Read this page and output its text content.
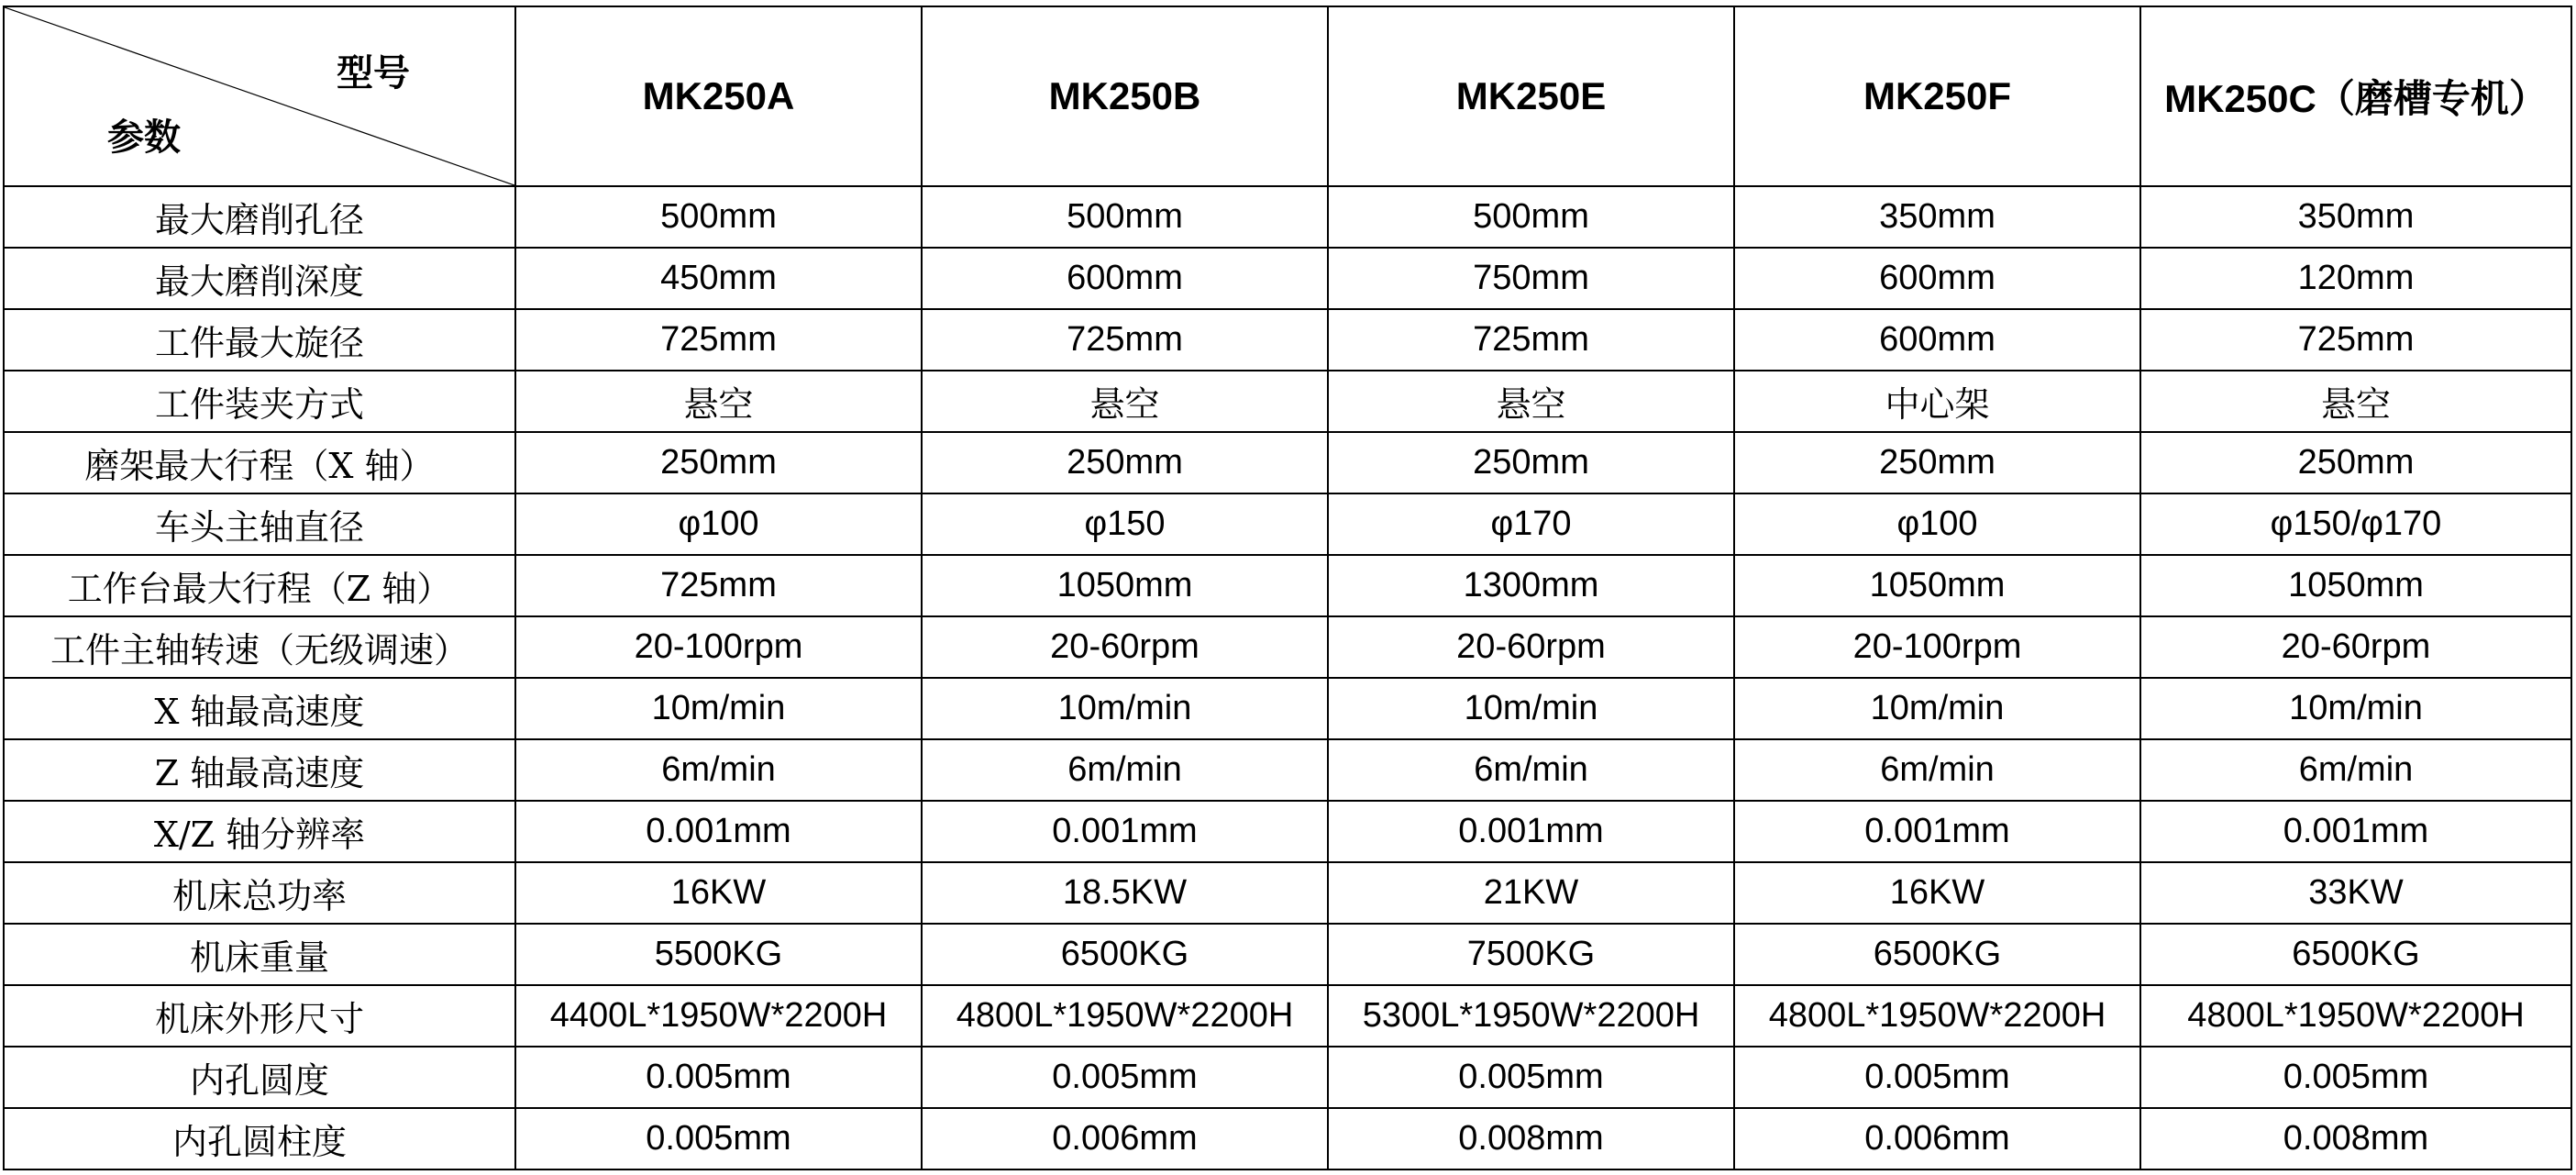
型号
参数	MK250A	MK250B	MK250E	MK250F	MK250C（磨槽专机）
最大磨削孔径	500mm	500mm	500mm	350mm	350mm
最大磨削深度	450mm	600mm	750mm	600mm	120mm
工件最大旋径	725mm	725mm	725mm	600mm	725mm
工件装夹方式	悬空	悬空	悬空	中心架	悬空
磨架最大行程（X 轴）	250mm	250mm	250mm	250mm	250mm
车头主轴直径	φ100	φ150	φ170	φ100	φ150/φ170
工作台最大行程（Z 轴）	725mm	1050mm	1300mm	1050mm	1050mm
工件主轴转速（无级调速）	20-100rpm	20-60rpm	20-60rpm	20-100rpm	20-60rpm
X 轴最高速度	10m/min	10m/min	10m/min	10m/min	10m/min
Z 轴最高速度	6m/min	6m/min	6m/min	6m/min	6m/min
X/Z 轴分辨率	0.001mm	0.001mm	0.001mm	0.001mm	0.001mm
机床总功率	16KW	18.5KW	21KW	16KW	33KW
机床重量	5500KG	6500KG	7500KG	6500KG	6500KG
机床外形尺寸	4400L*1950W*2200H	4800L*1950W*2200H	5300L*1950W*2200H	4800L*1950W*2200H	4800L*1950W*2200H
内孔圆度	0.005mm	0.005mm	0.005mm	0.005mm	0.005mm
内孔圆柱度	0.005mm	0.006mm	0.008mm	0.006mm	0.008mm
